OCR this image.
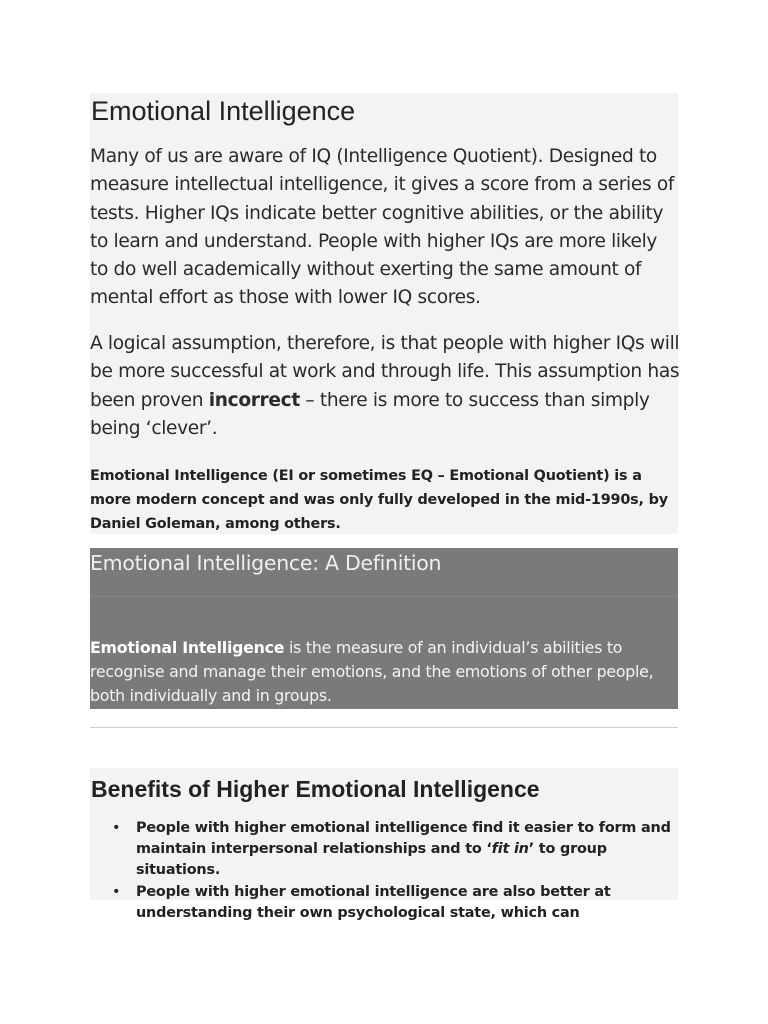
Emotional Intelligence

Many of us are aware of IQ (Intelligence Quotient). Designed to measure intellectual intelligence, it gives a score from a series of tests. Higher IQs indicate better cognitive abilities, or the ability to learn and understand. People with higher IQs are more likely to do well academically without exerting the same amount of mental effort as those with lower IQ scores.

A logical assumption, therefore, is that people with higher IQs will be more successful at work and through life. This assumption has been proven incorrect – there is more to success than simply being ‘clever’.

Emotional Intelligence (EI or sometimes EQ – Emotional Quotient) is a more modern concept and was only fully developed in the mid-1990s, by Daniel Goleman, among others.

Emotional Intelligence: A Definition

Emotional Intelligence is the measure of an individual’s abilities to recognise and manage their emotions, and the emotions of other people, both individually and in groups.

Benefits of Higher Emotional Intelligence
• People with higher emotional intelligence find it easier to form and maintain interpersonal relationships and to ‘fit in’ to group situations.
• People with higher emotional intelligence are also better at understanding their own psychological state, which can
